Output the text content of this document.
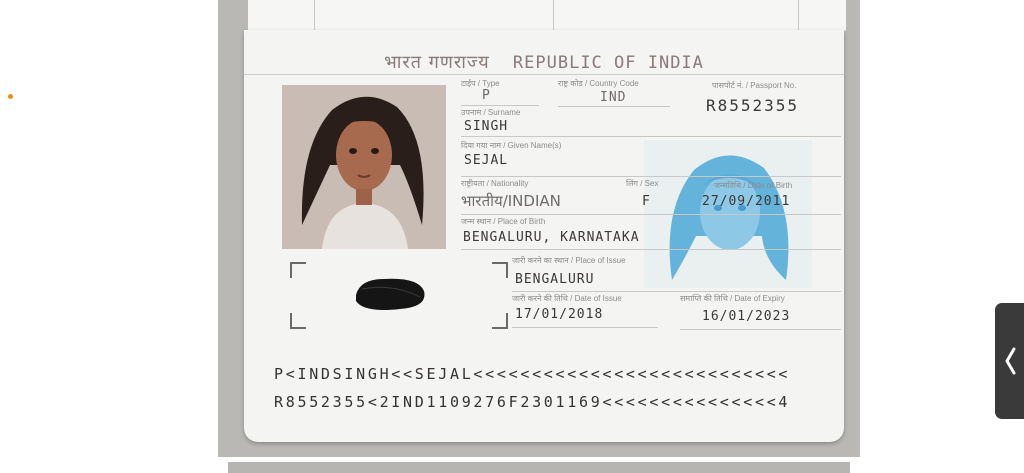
भारत गणराज्य REPUBLIC OF INDIA
टाईप / Type
P
राष्ट्र कोड / Country Code
IND
पासपोर्ट नं. / Passport No.
R8552355
उपनाम / Surname
SINGH
दिया गया नाम / Given Name(s)
SEJAL
राष्ट्रीयता / Nationality
भारतीय/INDIAN
लिंग / Sex
F
जन्मतिथि / Date of Birth
27/09/2011
जन्म स्थान / Place of Birth
BENGALURU, KARNATAKA
जारी करने का स्थान / Place of Issue
BENGALURU
जारी करने की तिथि / Date of Issue
17/01/2018
समाप्ति की तिथि / Date of Expiry
16/01/2023
P<INDSINGH<<SEJAL<<<<<<<<<<<<<<<<<<<<<<<<<<<
R8552355<2IND1109276F2301169<<<<<<<<<<<<<<<4
